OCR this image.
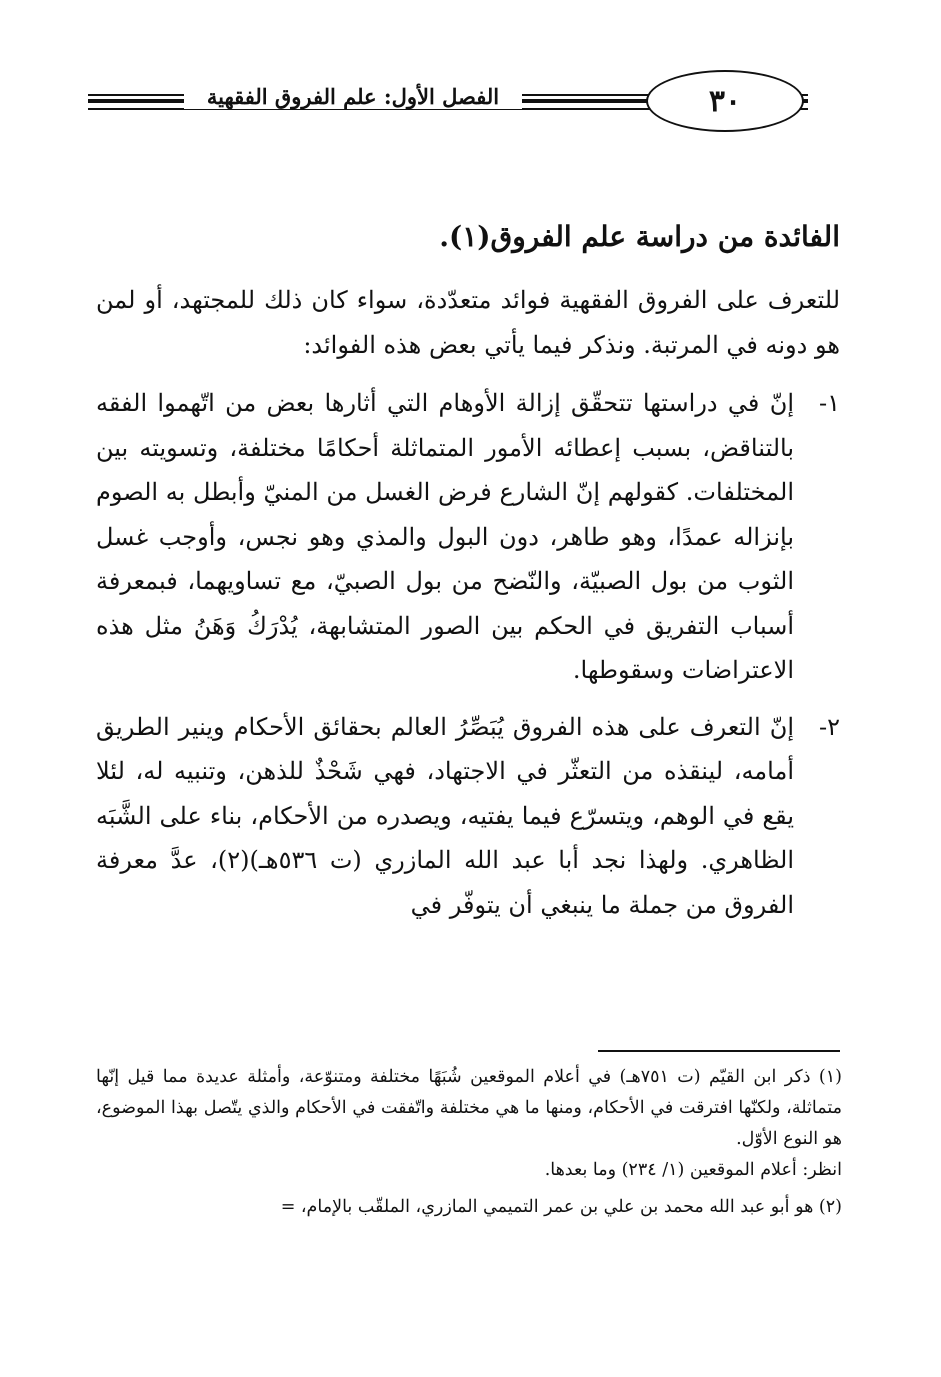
الفصل الأول: علم الفروق الفقهية	٣٠
الفائدة من دراسة علم الفروق(١).

للتعرف على الفروق الفقهية فوائد متعدّدة، سواء كان ذلك للمجتهد، أو لمن هو دونه في المرتبة. ونذكر فيما يأتي بعض هذه الفوائد:

١-
إنّ في دراستها تتحقّق إزالة الأوهام التي أثارها بعض من اتّهموا الفقه بالتناقض، بسبب إعطائه الأمور المتماثلة أحكامًا مختلفة، وتسويته بين المختلفات. كقولهم إنّ الشارع فرض الغسل من المنيّ وأبطل به الصوم بإنزاله عمدًا، وهو طاهر، دون البول والمذي وهو نجس، وأوجب غسل الثوب من بول الصبيّة، والنّضح من بول الصبيّ، مع تساويهما، فبمعرفة أسباب التفريق في الحكم بين الصور المتشابهة، يُدْرَكُ وَهَنُ مثل هذه الاعتراضات وسقوطها.
٢-
إنّ التعرف على هذه الفروق يُبَصِّرُ العالم بحقائق الأحكام وينير الطريق أمامه، لينقذه من التعثّر في الاجتهاد، فهي شَحْذٌ للذهن، وتنبيه له، لئلا يقع في الوهم، ويتسرّع فيما يفتيه، ويصدره من الأحكام، بناء على الشَّبَه الظاهري. ولهذا نجد أبا عبد الله المازري (ت ٥٣٦هـ)(٢)، عدَّ معرفة الفروق من جملة ما ينبغي أن يتوفّر في
(١) ذكر ابن القيّم (ت ٧٥١هـ) في أعلام الموقعين شُبَهًا مختلفة ومتنوّعة، وأمثلة عديدة مما قيل إنّها متماثلة، ولكنّها افترقت في الأحكام، ومنها ما هي مختلفة واتّفقت في الأحكام والذي يتّصل بهذا الموضوع، هو النوع الأوّل.
انظر: أعلام الموقعين (١/ ٢٣٤) وما بعدها.
(٢) هو أبو عبد الله محمد بن علي بن عمر التميمي المازري، الملقّب بالإمام، =
